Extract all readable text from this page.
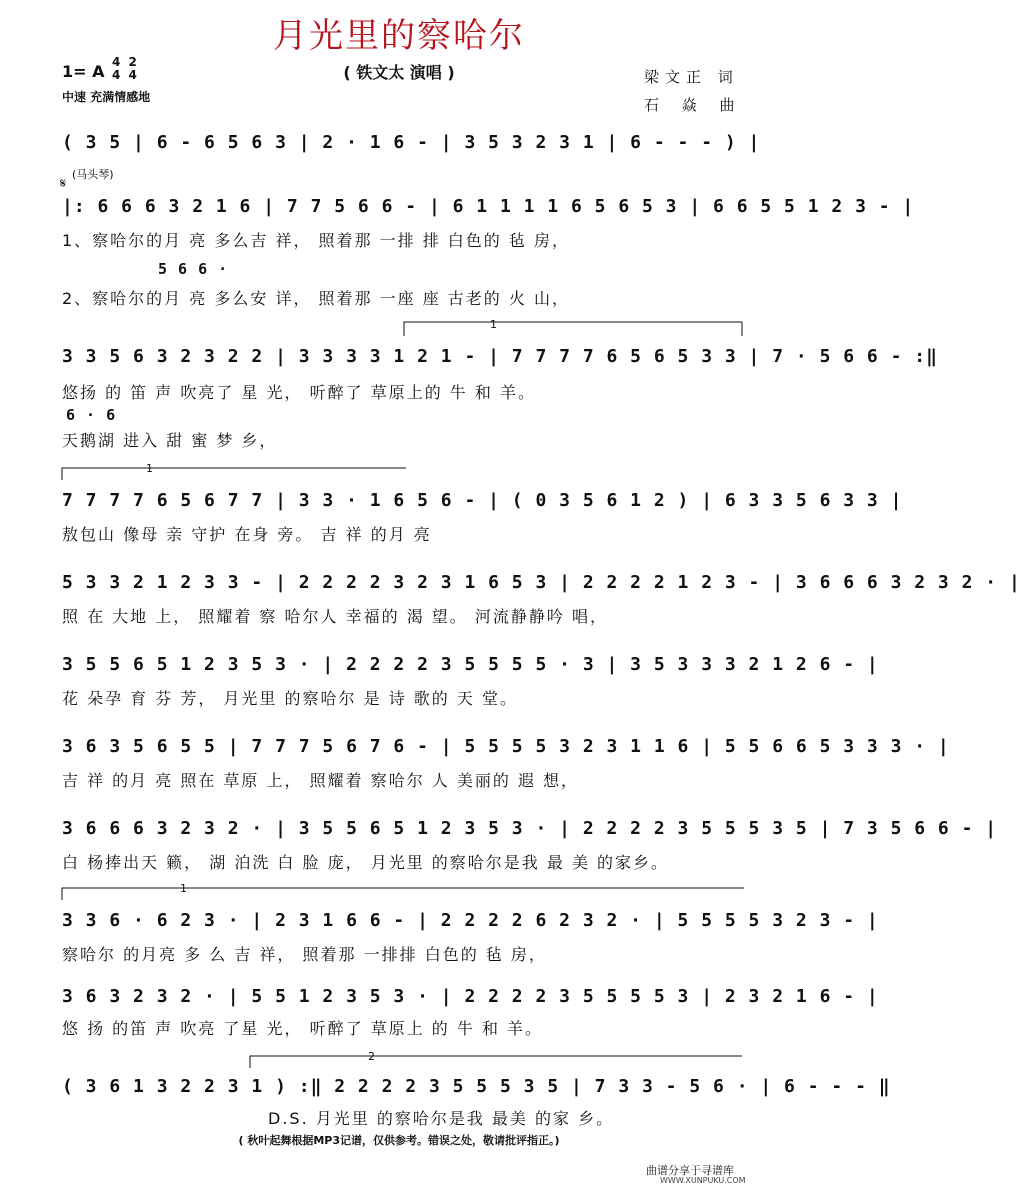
月光里的察哈尔
( 铁文太 演唱 )
1= A 4
4 2
4
中速 充满情感地
梁文正 词
石 焱 曲
(马头琴)
𝄋
( 3 5 | 6 - 6 5 6 3 | 2 · 1 6 - | 3 5 3 2 3 1 | 6 - - - ) |
|: 6 6 6 3 2 1 6 | 7 7 5 6 6 - | 6 1 1 1 1 6 5 6 5 3 | 6 6 5 5 1 2 3 - |
1、察哈尔的月 亮 多么吉 祥， 照着那 一排 排 白色的 毡 房，
5 6 6 ·
2、察哈尔的月 亮 多么安 详， 照着那 一座 座 古老的 火 山，
3 3 5 6 3 2 3 2 2 | 3 3 3 3 1 2 1 - | 7 7 7 7 6 5 6 5 3 3 | 7 · 5 6 6 - :‖
悠扬 的 笛 声 吹亮了 星 光， 听醉了 草原上的 牛 和 羊。
6 · 6
天鹅湖 进入 甜 蜜 梦 乡，
7 7 7 7 6 5 6 7 7 | 3 3 · 1 6 5 6 - | ( 0 3 5 6 1 2 ) | 6 3 3 5 6 3 3 |
敖包山 像母 亲 守护 在身 旁。 吉 祥 的月 亮
5 3 3 2 1 2 3 3 - | 2 2 2 2 3 2 3 1 6 5 3 | 2 2 2 2 1 2 3 - | 3 6 6 6 3 2 3 2 · |
照 在 大地 上， 照耀着 察 哈尔人 幸福的 渴 望。 河流静静吟 唱，
3 5 5 6 5 1 2 3 5 3 · | 2 2 2 2 3 5 5 5 5 · 3 | 3 5 3 3 3 2 1 2 6 - |
花 朵孕 育 芬 芳， 月光里 的察哈尔 是 诗 歌的 天 堂。
3 6 3 5 6 5 5 | 7 7 7 5 6 7 6 - | 5 5 5 5 3 2 3 1 1 6 | 5 5 6 6 5 3 3 3 · |
吉 祥 的月 亮 照在 草原 上， 照耀着 察哈尔 人 美丽的 遐 想，
3 6 6 6 3 2 3 2 · | 3 5 5 6 5 1 2 3 5 3 · | 2 2 2 2 3 5 5 5 3 5 | 7 3 5 6 6 - |
白 杨捧出天 籁， 湖 泊洗 白 脸 庞， 月光里 的察哈尔是我 最 美 的家乡。
3 3 6 · 6 2 3 · | 2 3 1 6 6 - | 2 2 2 2 6 2 3 2 · | 5 5 5 5 3 2 3 - |
察哈尔 的月亮 多 么 吉 祥， 照着那 一排排 白色的 毡 房，
3 6 3 2 3 2 · | 5 5 1 2 3 5 3 · | 2 2 2 2 3 5 5 5 5 3 | 2 3 2 1 6 - |
悠 扬 的笛 声 吹亮 了星 光， 听醉了 草原上 的 牛 和 羊。
( 3 6 1 3 2 2 3 1 ) :‖ 2 2 2 2 3 5 5 5 3 5 | 7 3 3 - 5 6 · | 6 - - - ‖
D.S. 月光里 的察哈尔是我 最美 的家 乡。
1
1
1
2
( 秋叶起舞根据MP3记谱，仅供参考。错误之处，敬请批评指正。)
曲谱分享于寻谱库
WWW.XUNPUKU.COM
